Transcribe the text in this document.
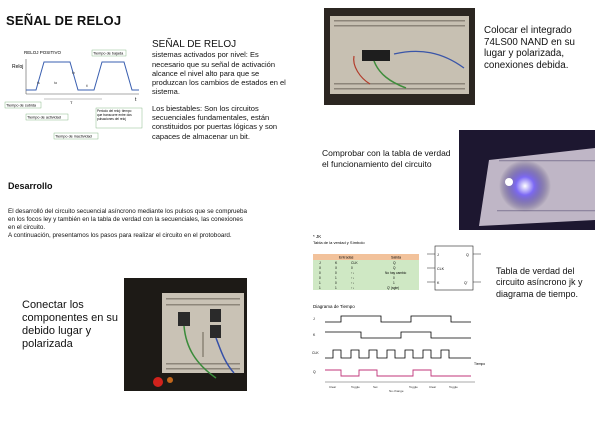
SEÑAL DE RELOJ
RELOJ POSITIVO
Reloj
t
Tiempo de bajada
ts
tb
ta
ti
T
Tiempo de subida
Tiempo de actividad
Periodo del reloj: tiempo que transcurre entre dos pulsaciones del reloj
Tiempo de inactividad
SEÑAL DE RELOJ

sistemas activados por nivel: Es necesario que su señal de activación alcance el nivel alto para que se produzcan los cambios de estados en el sistema.

Los biestables: Son los circuitos secuenciales fundamentales, están constituidos por puertas lógicas y son capaces de almacenar un bit.

Desarrollo

El desarrolló del circuito secuencial asíncrono mediante los pulsos que se comprueba en los focos ley y también en la tabla de verdad con la secuenciales, las conexiones en el circuito.

A continuación, presentamos los pasos para realizar el circuito en el protoboard.

Conectar los componentes en su debido lugar y polarizada
Colocar el integrado 74LS00 NAND en su lugar y polarizada, conexiones debida.
Comprobar con la tabla de verdad el funcionamiento del circuito
Tabla de verdad del circuito asíncrono jk y diagrama de tiempo.
* JK
Tabla de la verdad y Símbolo
Entradas	Salida
J	K	CLK	Q
X	X	0	Q
0	0	↑↓	No hay cambio
0	1	↑↓	0
1	0	↑↓	1
1	1	↑↓	Q' (sgte)
J
CLK
K
Q
Q'
Diagrama de Tiempo
J
K
CLK
Q
Tiempo
Clear	Toggle	Set
No change
Toggle	Clear	Toggle
